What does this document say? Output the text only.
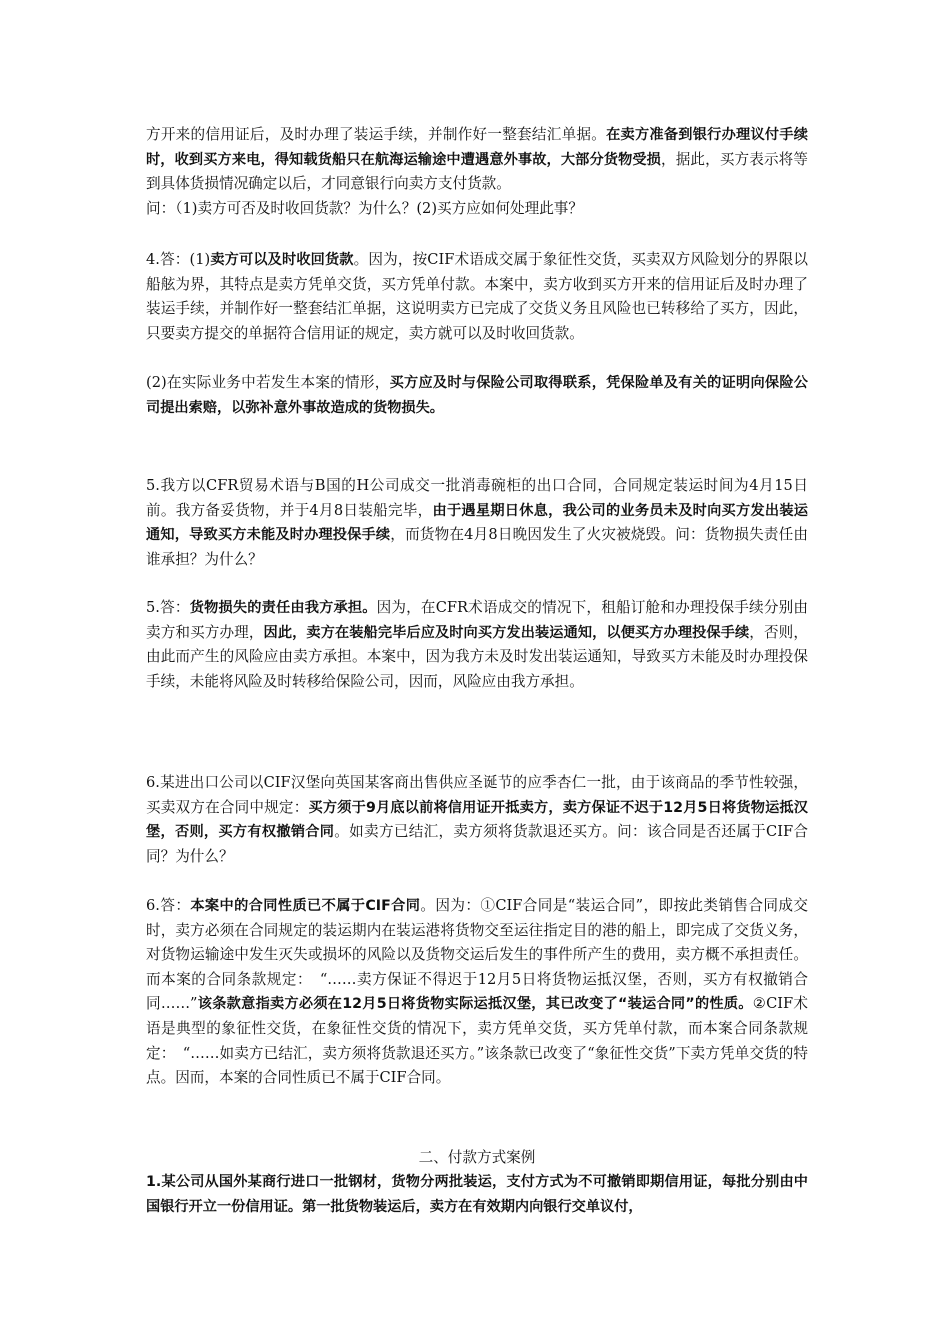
方开来的信用证后，及时办理了装运手续，并制作好一整套结汇单据。在卖方准备到银行办理议付手续时，收到买方来电，得知载货船只在航海运输途中遭遇意外事故，大部分货物受损，据此，买方表示将等到具体货损情况确定以后，才同意银行向卖方支付货款。

问：（1)卖方可否及时收回货款？为什么？(2)买方应如何处理此事？

4.答：(1)卖方可以及时收回货款。因为，按CIF术语成交属于象征性交货，买卖双方风险划分的界限以船舷为界，其特点是卖方凭单交货，买方凭单付款。本案中，卖方收到买方开来的信用证后及时办理了装运手续，并制作好一整套结汇单据，这说明卖方已完成了交货义务且风险也已转移给了买方，因此，只要卖方提交的单据符合信用证的规定，卖方就可以及时收回货款。

(2)在实际业务中若发生本案的情形，买方应及时与保险公司取得联系，凭保险单及有关的证明向保险公司提出索赔，以弥补意外事故造成的货物损失。

5.我方以CFR贸易术语与B国的H公司成交一批消毒碗柜的出口合同，合同规定装运时间为4月15日前。我方备妥货物，并于4月8日装船完毕，由于遇星期日休息，我公司的业务员未及时向买方发出装运通知，导致买方未能及时办理投保手续，而货物在4月8日晚因发生了火灾被烧毁。问：货物损失责任由谁承担？为什么？

5.答：货物损失的责任由我方承担。因为，在CFR术语成交的情况下，租船订舱和办理投保手续分别由卖方和买方办理，因此，卖方在装船完毕后应及时向买方发出装运通知，以便买方办理投保手续，否则，由此而产生的风险应由卖方承担。本案中，因为我方未及时发出装运通知，导致买方未能及时办理投保手续，未能将风险及时转移给保险公司，因而，风险应由我方承担。

6.某进出口公司以CIF汉堡向英国某客商出售供应圣诞节的应季杏仁一批，由于该商品的季节性较强，买卖双方在合同中规定：买方须于9月底以前将信用证开抵卖方，卖方保证不迟于12月5日将货物运抵汉堡，否则，买方有权撤销合同。如卖方已结汇，卖方须将货款退还买方。问：该合同是否还属于CIF合同？为什么？

6.答：本案中的合同性质已不属于CIF合同。因为：①CIF合同是“装运合同”，即按此类销售合同成交时，卖方必须在合同规定的装运期内在装运港将货物交至运往指定目的港的船上，即完成了交货义务，对货物运输途中发生灭失或损坏的风险以及货物交运后发生的事件所产生的费用，卖方概不承担责任。而本案的合同条款规定：　“……卖方保证不得迟于12月5日将货物运抵汉堡，否则，买方有权撤销合同……”该条款意指卖方必须在12月5日将货物实际运抵汉堡，其已改变了“装运合同”的性质。②CIF术语是典型的象征性交货，在象征性交货的情况下，卖方凭单交货，买方凭单付款，而本案合同条款规定：　“……如卖方已结汇，卖方须将货款退还买方。”该条款已改变了“象征性交货”下卖方凭单交货的特点。因而，本案的合同性质已不属于CIF合同。

二、付款方式案例

1.某公司从国外某商行进口一批钢材，货物分两批装运，支付方式为不可撤销即期信用证，每批分别由中国银行开立一份信用证。第一批货物装运后，卖方在有效期内向银行交单议付，
